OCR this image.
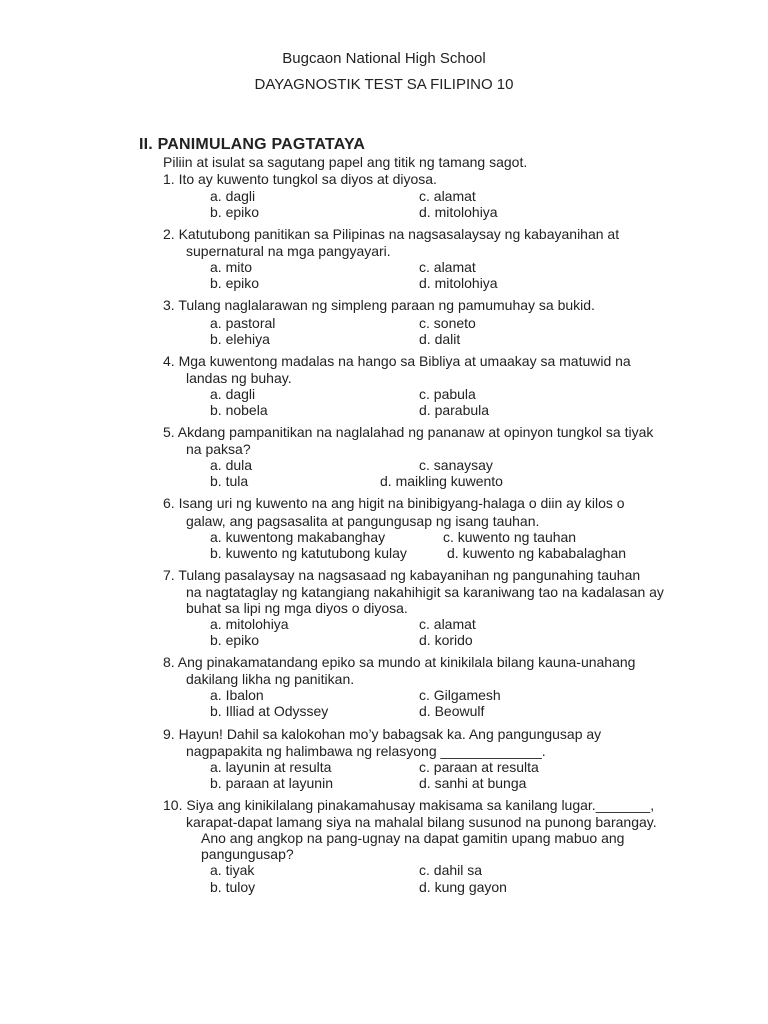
Bugcaon National High School
DAYAGNOSTIK TEST SA FILIPINO 10
II. PANIMULANG PAGTATAYA
Piliin at isulat sa sagutang papel ang titik ng tamang sagot.
1. Ito ay kuwento tungkol sa diyos at diyosa.
a. dagli	c. alamat
b. epiko	d. mitolohiya
2. Katutubong panitikan sa Pilipinas na nagsasalaysay ng kabayanihan at
supernatural na mga pangyayari.
a. mito	c. alamat
b. epiko	d. mitolohiya
3. Tulang naglalarawan ng simpleng paraan ng pamumuhay sa bukid.
a. pastoral	c. soneto
b. elehiya	d. dalit
4. Mga kuwentong madalas na hango sa Bibliya at umaakay sa matuwid na
landas ng buhay.
a. dagli	c. pabula
b. nobela	d. parabula
5. Akdang pampanitikan na naglalahad ng pananaw at opinyon tungkol sa tiyak
na paksa?
a. dula	c. sanaysay
b. tula	d. maikling kuwento
6. Isang uri ng kuwento na ang higit na binibigyang-halaga o diin ay kilos o
galaw, ang pagsasalita at pangungusap ng isang tauhan.
a. kuwentong makabanghay	c. kuwento ng tauhan
b. kuwento ng katutubong kulay	d. kuwento ng kababalaghan
7. Tulang pasalaysay na nagsasaad ng kabayanihan ng pangunahing tauhan
na nagtataglay ng katangiang nakahihigit sa karaniwang tao na kadalasan ay
buhat sa lipi ng mga diyos o diyosa.
a. mitolohiya	c. alamat
b. epiko	d. korido
8. Ang pinakamatandang epiko sa mundo at kinikilala bilang kauna-unahang
dakilang likha ng panitikan.
a. Ibalon	c. Gilgamesh
b. Illiad at Odyssey	d. Beowulf
9. Hayun! Dahil sa kalokohan mo’y babagsak ka. Ang pangungusap ay
nagpapakita ng halimbawa ng relasyong _____________.
a. layunin at resulta	c. paraan at resulta
b. paraan at layunin	d. sanhi at bunga
10. Siya ang kinikilalang pinakamahusay makisama sa kanilang lugar._______,
karapat-dapat lamang siya na mahalal bilang susunod na punong barangay.
Ano ang angkop na pang-ugnay na dapat gamitin upang mabuo ang
pangungusap?
a. tiyak	c. dahil sa
b. tuloy	d. kung gayon
